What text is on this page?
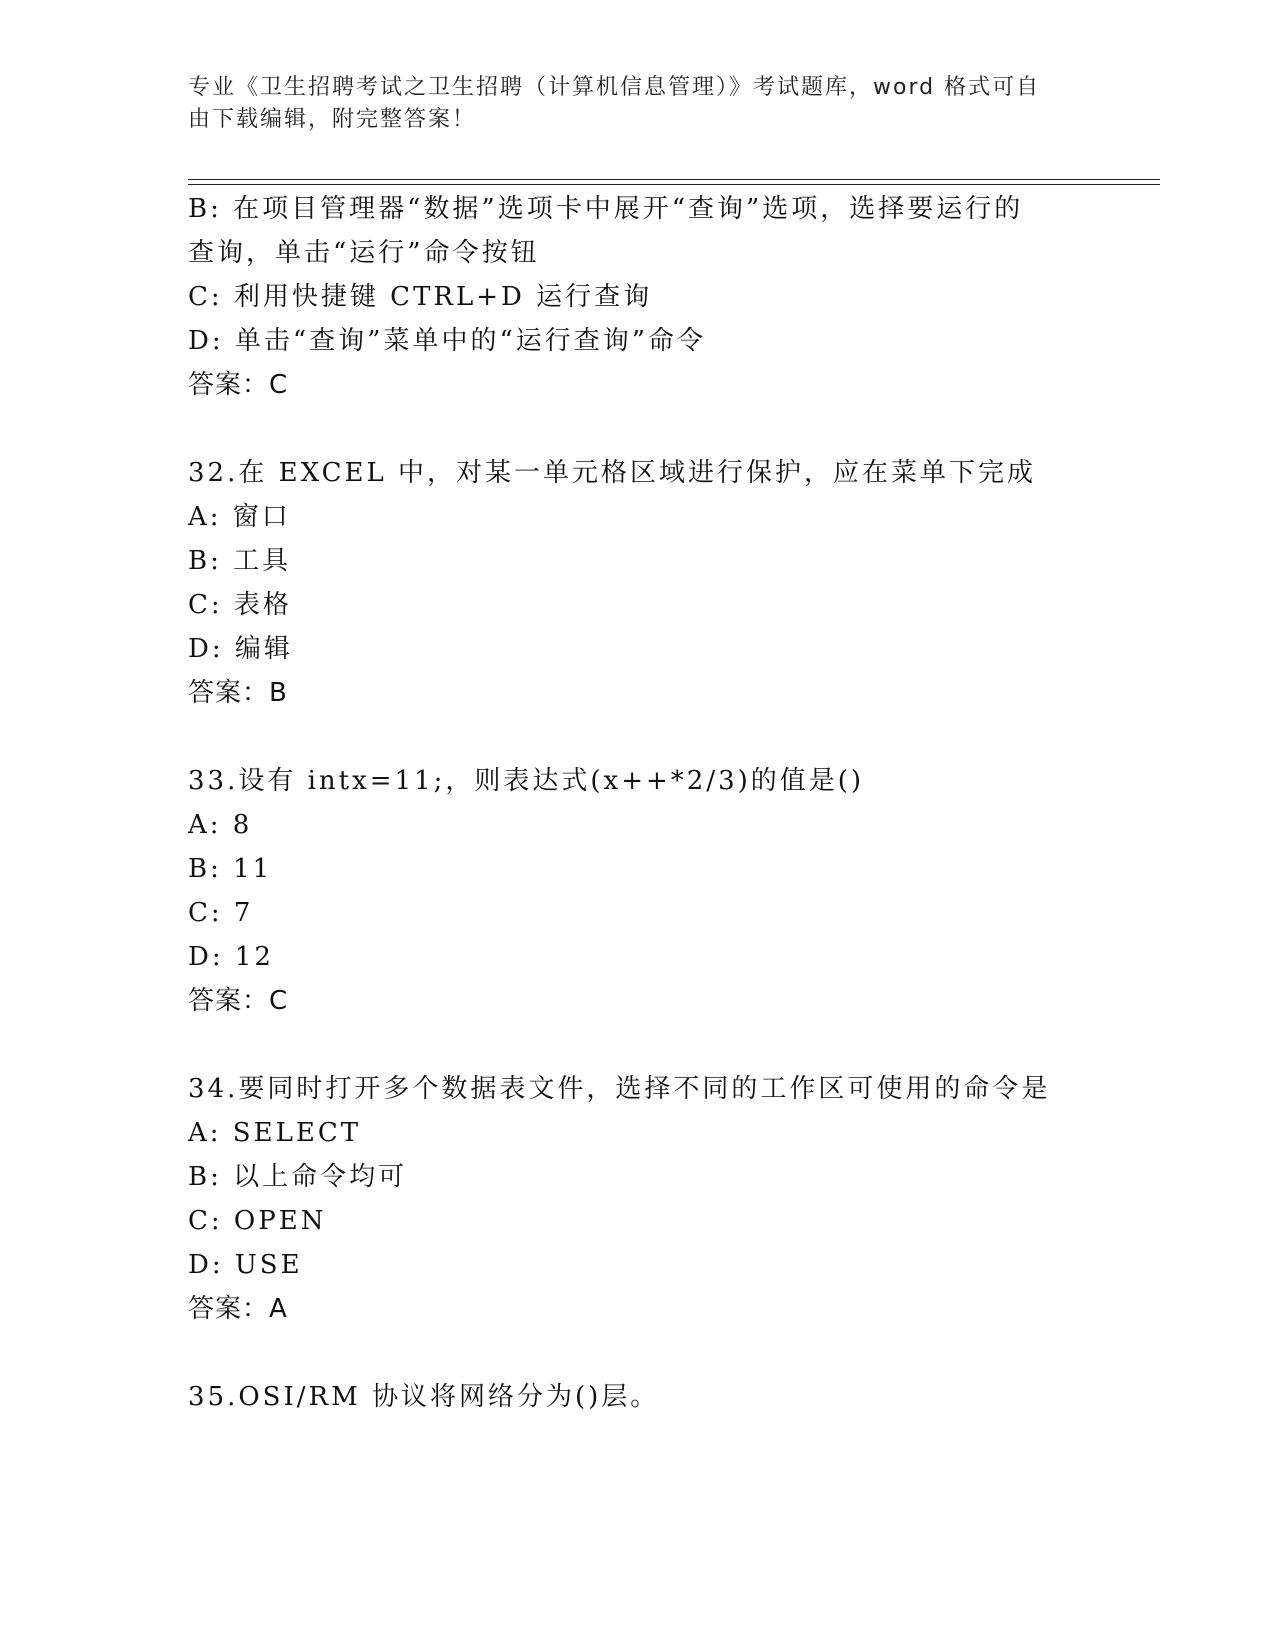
专业《卫生招聘考试之卫生招聘（计算机信息管理）》考试题库，word 格式可自
由下载编辑，附完整答案！
B: 在项目管理器“数据”选项卡中展开“查询”选项，选择要运行的
查询，单击“运行”命令按钮
C: 利用快捷键 CTRL+D 运行查询
D: 单击“查询”菜单中的“运行查询”命令
答案：C
32.在 EXCEL 中，对某一单元格区域进行保护，应在菜单下完成
A: 窗口
B: 工具
C: 表格
D: 编辑
答案：B
33.设有 intx=11;，则表达式(x++*2/3)的值是()
A: 8
B: 11
C: 7
D: 12
答案：C
34.要同时打开多个数据表文件，选择不同的工作区可使用的命令是
A: SELECT
B: 以上命令均可
C: OPEN
D: USE
答案：A
35.OSI/RM 协议将网络分为()层。
